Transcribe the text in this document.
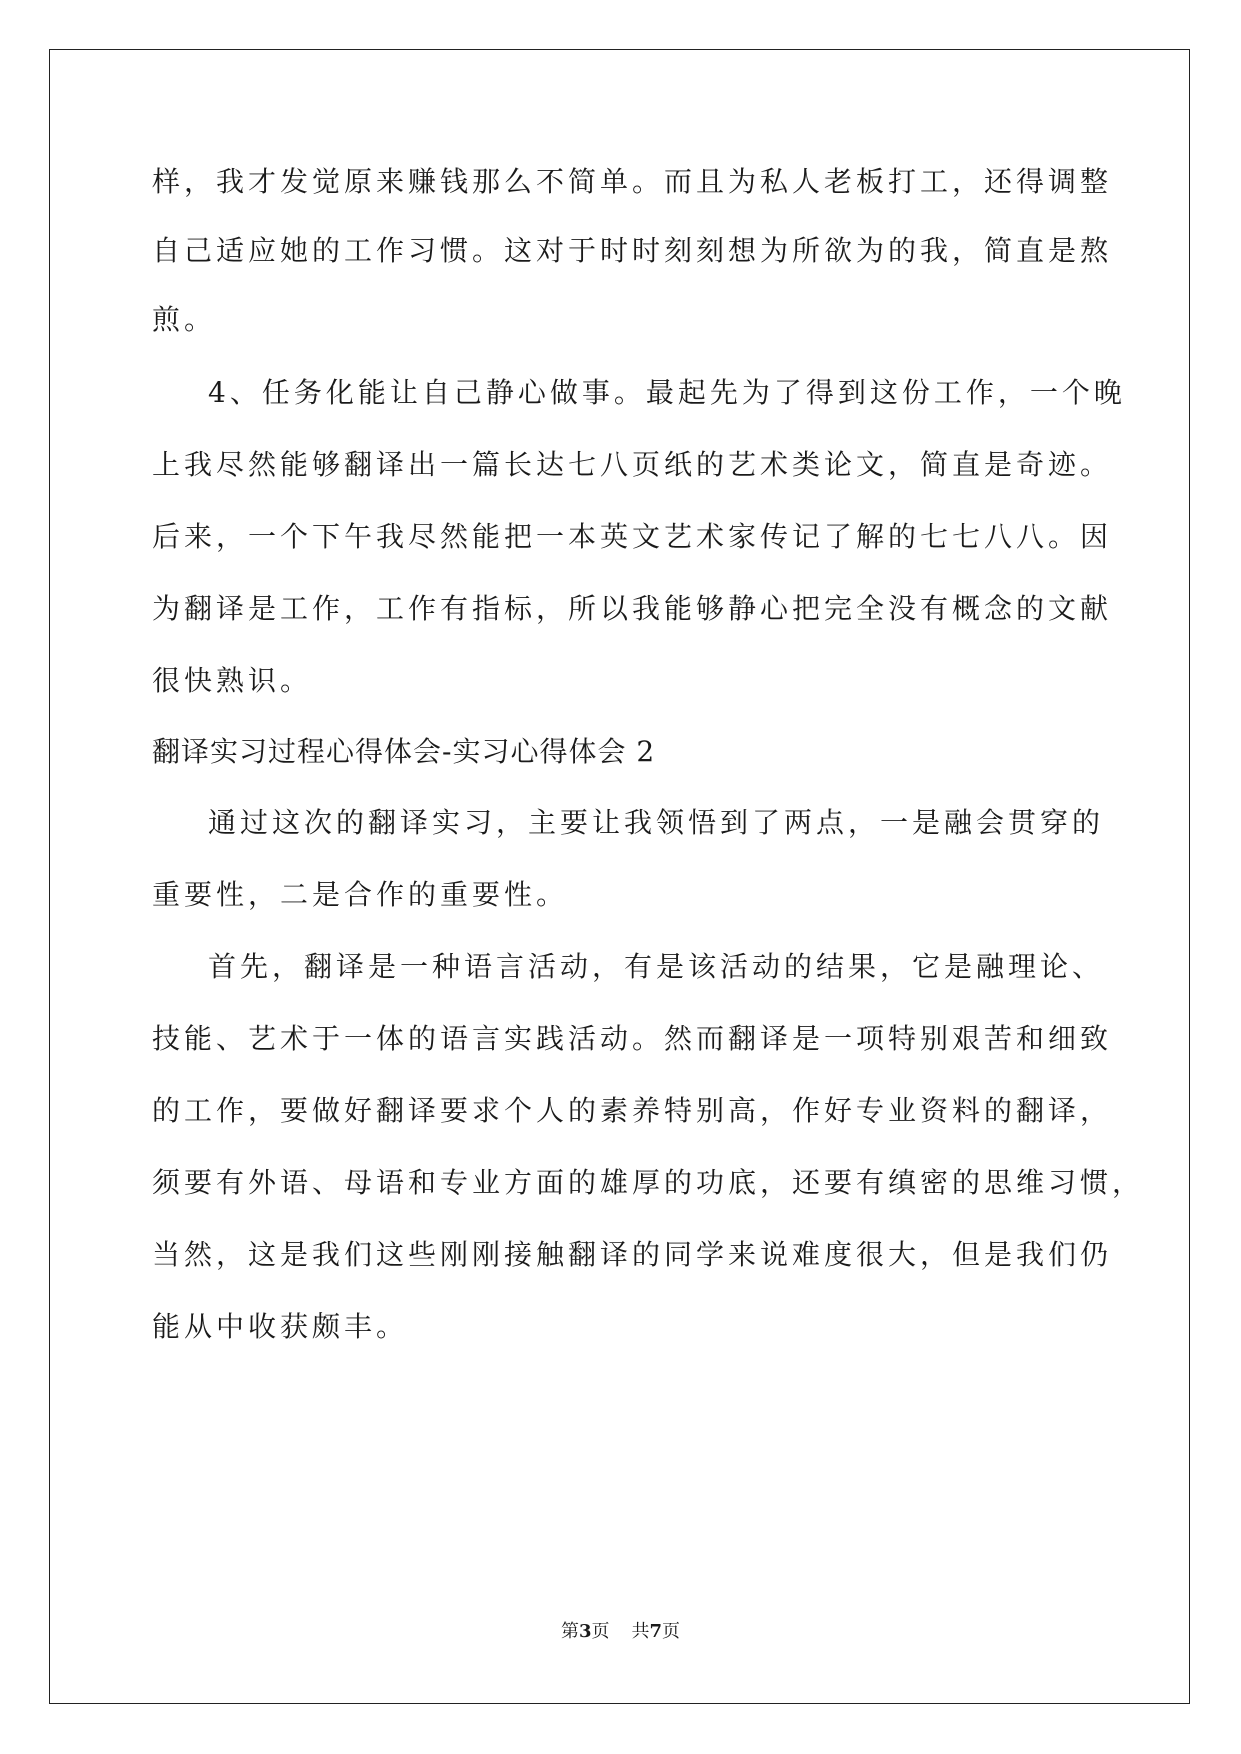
样，我才发觉原来赚钱那么不简单。而且为私人老板打工，还得调整
自己适应她的工作习惯。这对于时时刻刻想为所欲为的我，简直是熬
煎。
4、任务化能让自己静心做事。最起先为了得到这份工作，一个晚
上我尽然能够翻译出一篇长达七八页纸的艺术类论文，简直是奇迹。
后来，一个下午我尽然能把一本英文艺术家传记了解的七七八八。因
为翻译是工作，工作有指标，所以我能够静心把完全没有概念的文献
很快熟识。
翻译实习过程心得体会-实习心得体会 2
通过这次的翻译实习，主要让我领悟到了两点，一是融会贯穿的
重要性，二是合作的重要性。
首先，翻译是一种语言活动，有是该活动的结果，它是融理论、
技能、艺术于一体的语言实践活动。然而翻译是一项特别艰苦和细致
的工作，要做好翻译要求个人的素养特别高，作好专业资料的翻译，
须要有外语、母语和专业方面的雄厚的功底，还要有缜密的思维习惯，
当然，这是我们这些刚刚接触翻译的同学来说难度很大，但是我们仍
能从中收获颇丰。
第3页 共7页
